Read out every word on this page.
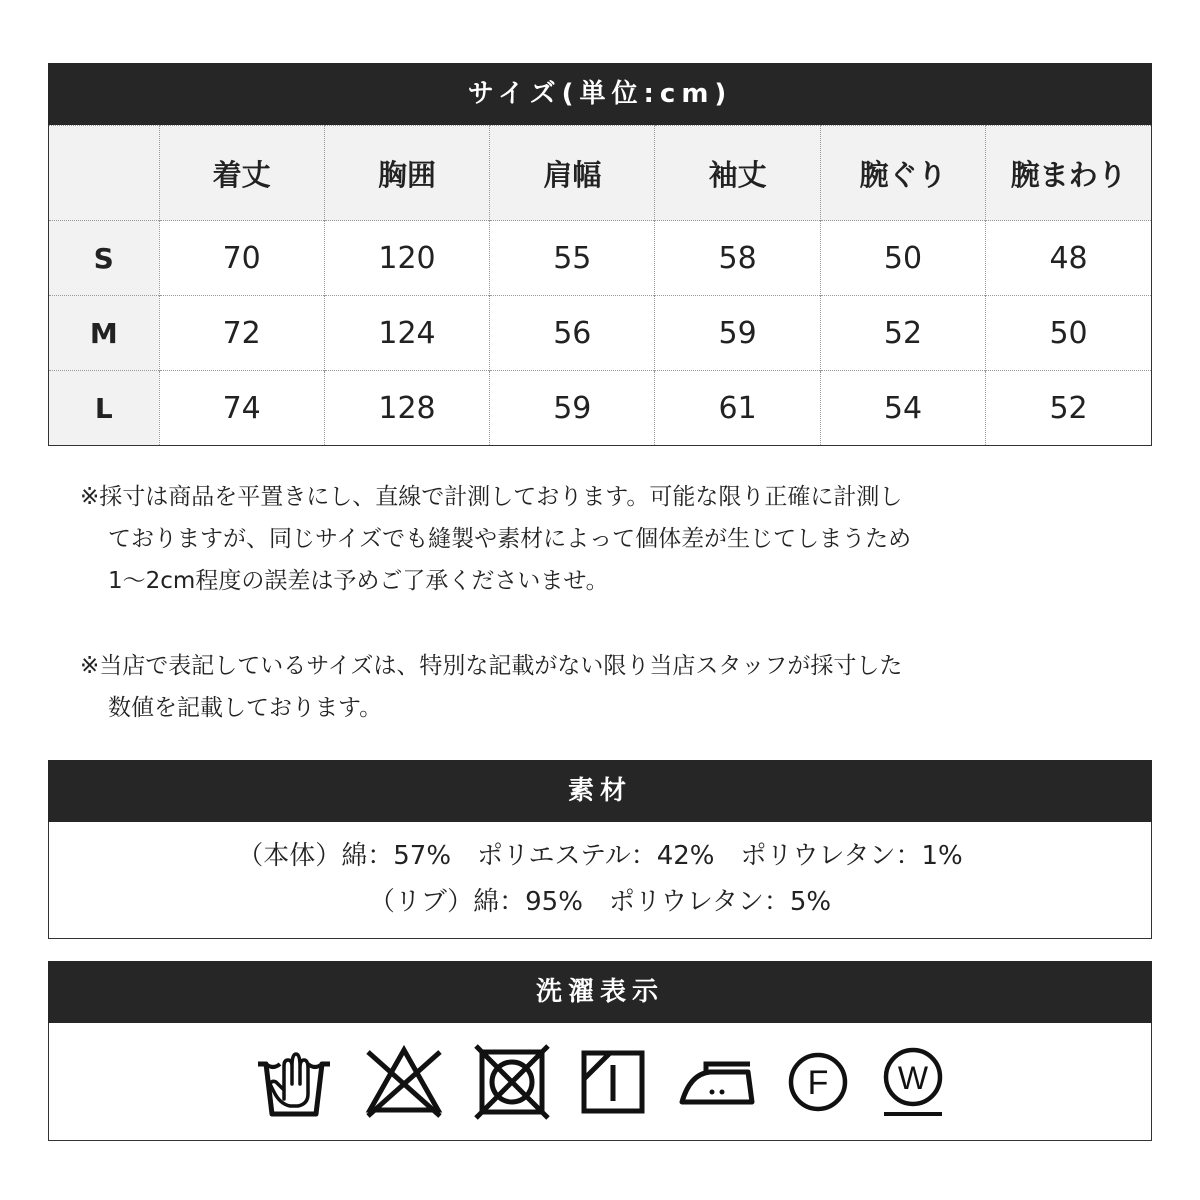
サイズ(単位:cm)
	着丈	胸囲	肩幅	袖丈	腕ぐり	腕まわり
S	70	120	55	58	50	48
M	72	124	56	59	52	50
L	74	128	59	61	54	52

※採寸は商品を平置きにし、直線で計測しております。可能な限り正確に計測し
ておりますが、同じサイズでも縫製や素材によって個体差が生じてしまうため
1～2cm程度の誤差は予めご了承くださいませ。

※当店で表記しているサイズは、特別な記載がない限り当店スタッフが採寸した
数値を記載しております。

素材
（本体）綿：57%　ポリエステル：42%　ポリウレタン：1%
（リブ）綿：95%　ポリウレタン：5%
洗濯表示
F W
